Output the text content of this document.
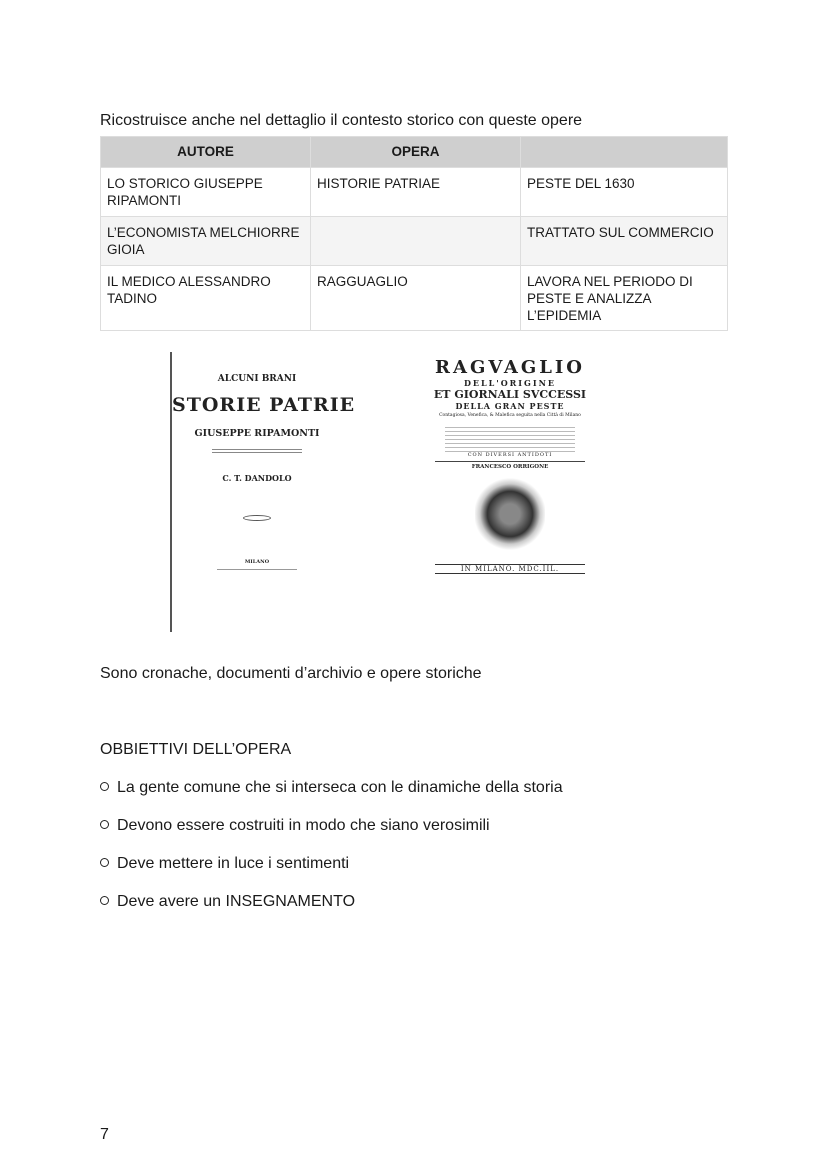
Ricostruisce anche nel dettaglio il contesto storico con queste opere
AUTORE	OPERA	
LO STORICO GIUSEPPE RIPAMONTI	HISTORIE PATRIAE	PESTE DEL 1630
L’ECONOMISTA MELCHIORRE GIOIA		TRATTATO SUL COMMERCIO
IL MEDICO ALESSANDRO TADINO	RAGGUAGLIO	LAVORA NEL PERIODO DI PESTE E ANALIZZA L’EPIDEMIA
ALCUNI BRANI
STORIE PATRIE
GIUSEPPE RIPAMONTI
C. T. DANDOLO
MILANO
RAGVAGLIO
DELL'ORIGINE
ET GIORNALI SVCCESSI
DELLA GRAN PESTE
Contagiosa, Venefica, & Malefica seguita nella Città di Milano
CON DIVERSI ANTIDOTI
FRANCESCO ORRIGONE
IN MILANO. MDC.IIL.
Sono cronache, documenti d’archivio e opere storiche
OBBIETTIVI DELL’OPERA
La gente comune che si interseca con le dinamiche della storia
Devono essere costruiti in modo che siano verosimili
Deve mettere in luce i sentimenti
Deve avere un INSEGNAMENTO
7
